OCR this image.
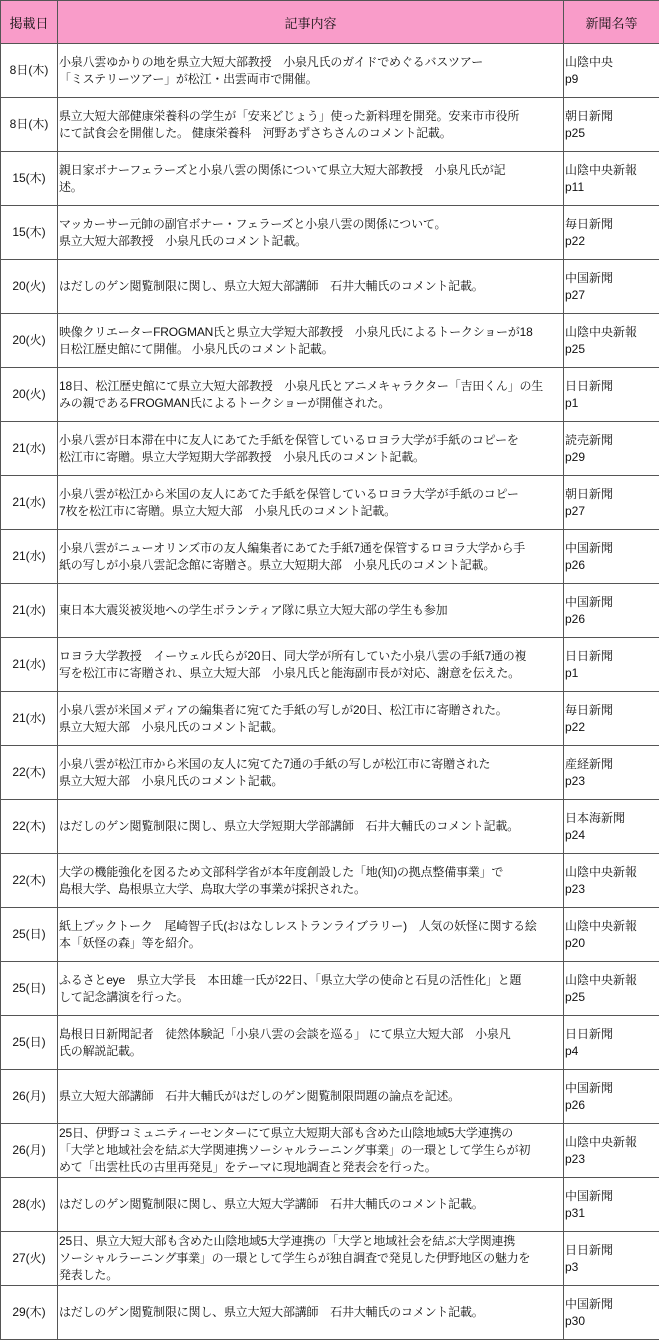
掲載日	記事内容	新聞名等
8日(木)	小泉八雲ゆかりの地を県立大短大部教授　小泉凡氏のガイドでめぐるバスツアー
「ミステリーツアー」が松江・出雲両市で開催。	山陰中央
p9
8日(木)	県立大短大部健康栄養科の学生が「安来どじょう」使った新料理を開発。安来市市役所
にて試食会を開催した。 健康栄養科　河野あずさちさんのコメント記載。	朝日新聞
p25
15(木)	親日家ボナーフェラーズと小泉八雲の関係について県立大短大部教授　小泉凡氏が記
述。	山陰中央新報
p11
15(木)	マッカーサー元帥の副官ボナー・フェラーズと小泉八雲の関係について。
県立大短大部教授　小泉凡氏のコメント記載。	毎日新聞
p22
20(火)	はだしのゲン閲覧制限に関し、県立大短大部講師　石井大輔氏のコメント記載。	中国新聞
p27
20(火)	映像クリエーターFROGMAN氏と県立大学短大部教授　小泉凡氏によるトークショーが18
日松江歴史館にて開催。 小泉凡氏のコメント記載。	山陰中央新報
p25
20(火)	18日、松江歴史館にて県立大短大部教授　小泉凡氏とアニメキャラクター「吉田くん」の生
みの親であるFROGMAN氏によるトークショーが開催された。	日日新聞
p1
21(水)	小泉八雲が日本滞在中に友人にあてた手紙を保管しているロヨラ大学が手紙のコピーを
松江市に寄贈。県立大学短期大学部教授　小泉凡氏のコメント記載。	読売新聞
p29
21(水)	小泉八雲が松江から米国の友人にあてた手紙を保管しているロヨラ大学が手紙のコピー
7枚を松江市に寄贈。県立大短大部　小泉凡氏のコメント記載。	朝日新聞
p27
21(水)	小泉八雲がニューオリンズ市の友人編集者にあてた手紙7通を保管するロヨラ大学から手
紙の写しが小泉八雲記念館に寄贈さ。県立大短期大部　小泉凡氏のコメント記載。	中国新聞
p26
21(水)	東日本大震災被災地への学生ボランティア隊に県立大短大部の学生も参加	中国新聞
p26
21(水)	ロヨラ大学教授　イーウェル氏らが20日、同大学が所有していた小泉八雲の手紙7通の複
写を松江市に寄贈され、県立大短大部　小泉凡氏と能海副市長が対応、謝意を伝えた。	日日新聞
p1
21(水)	小泉八雲が米国メディアの編集者に宛てた手紙の写しが20日、松江市に寄贈された。
県立大短大部　小泉凡氏のコメント記載。	毎日新聞
p22
22(木)	小泉八雲が松江市から米国の友人に宛てた7通の手紙の写しが松江市に寄贈された
県立大短大部　小泉凡氏のコメント記載。	産経新聞
p23
22(木)	はだしのゲン閲覧制限に関し、県立大学短期大学部講師　石井大輔氏のコメント記載。	日本海新聞
p24
22(木)	大学の機能強化を図るため文部科学省が本年度創設した「地(知)の拠点整備事業」で
島根大学、島根県立大学、鳥取大学の事業が採択された。	山陰中央新報
p23
25(日)	紙上ブックトーク　尾崎智子氏(おはなしレストランライブラリー)　人気の妖怪に関する絵
本「妖怪の森」等を紹介。	山陰中央新報
p20
25(日)	ふるさとeye　県立大学長　本田雄一氏が22日、「県立大学の使命と石見の活性化」と題
して記念講演を行った。	山陰中央新報
p25
25(日)	島根日日新聞記者　徒然体験記「小泉八雲の会談を巡る」 にて県立大短大部　小泉凡
氏の解説記載。	日日新聞
p4
26(月)	県立大短大部講師　石井大輔氏がはだしのゲン閲覧制限問題の論点を記述。	中国新聞
p26
26(月)	25日、伊野コミュニティーセンターにて県立大短期大部も含めた山陰地域5大学連携の
「大学と地域社会を結ぶ大学関連携ソーシャルラーニング事業」の一環として学生らが初
めて「出雲杜氏の古里再発見」をテーマに現地調査と発表会を行った。	山陰中央新報
p23
28(水)	はだしのゲン閲覧制限に関し、県立大短大学講師　石井大輔氏のコメント記載。	中国新聞
p31
27(火)	25日、県立大短大部も含めた山陰地域5大学連携の「大学と地域社会を結ぶ大学関連携
ソーシャルラーニング事業」の一環として学生らが独自調査で発見した伊野地区の魅力を
発表した。	日日新聞
p3
29(木)	はだしのゲン閲覧制限に関し、県立大短大部講師　石井大輔氏のコメント記載。	中国新聞
p30
